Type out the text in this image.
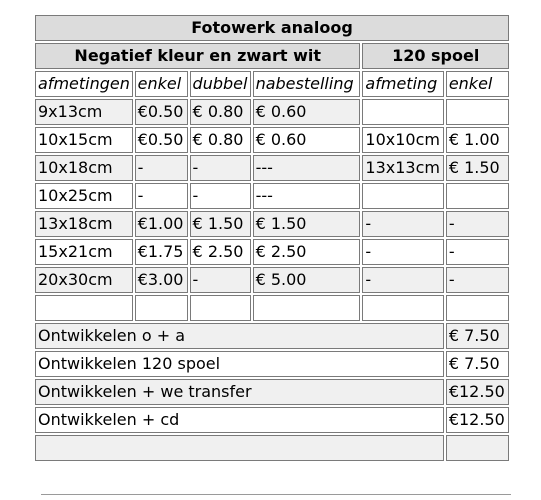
Fotowerk analoog					
Negatief kleur en zwart wit				120 spoel	
afmetingen	enkel	dubbel	nabestelling	afmeting	enkel
9x13cm	€0.50	€ 0.80	€ 0.60		
10x15cm	€0.50	€ 0.80	€ 0.60	10x10cm	€ 1.00
10x18cm	-	-	---	13x13cm	€ 1.50
10x25cm	-	-	---		
13x18cm	€1.00	€ 1.50	€ 1.50	-	-
15x21cm	€1.75	€ 2.50	€ 2.50	-	-
20x30cm	€3.00	-	€ 5.00	-	-

Ontwikkelen o + a					€ 7.50
Ontwikkelen 120 spoel					€ 7.50
Ontwikkelen + we transfer					€12.50
Ontwikkelen + cd					€12.50
